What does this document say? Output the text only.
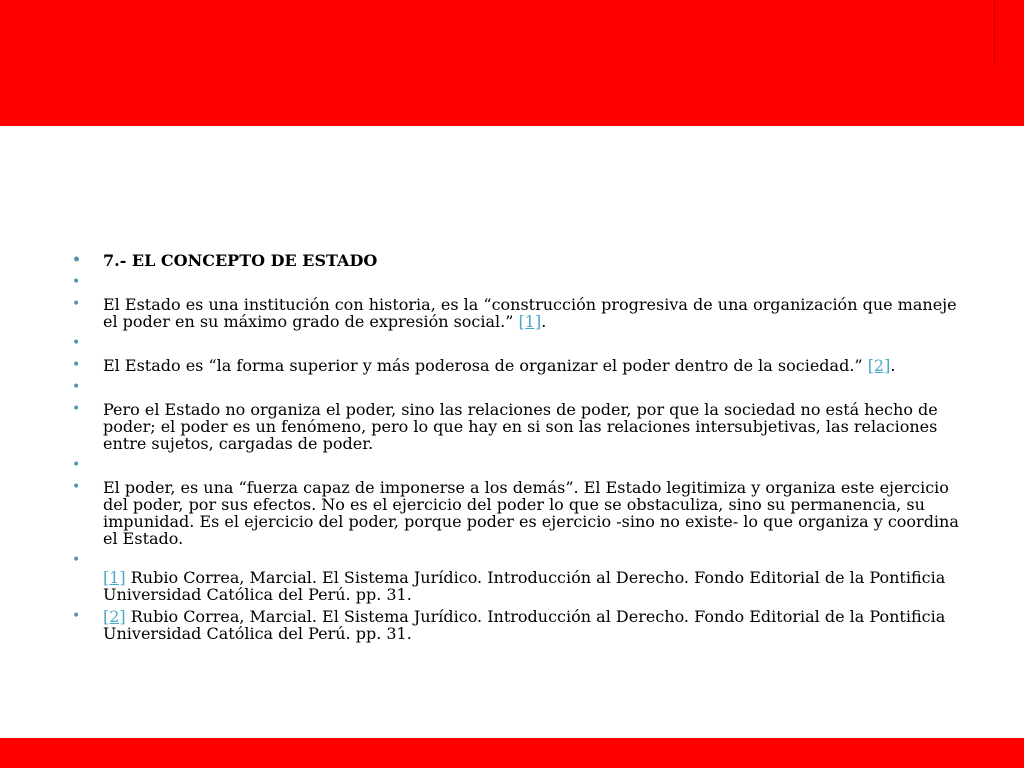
• 7.- EL CONCEPTO DE ESTADO
•
• El Estado es una institución con historia, es la “construcción progresiva de una organización que maneje el poder en su máximo grado de expresión social.” [1].
•
• El Estado es “la forma superior y más poderosa de organizar el poder dentro de la sociedad.” [2].
•
• Pero el Estado no organiza el poder, sino las relaciones de poder, por que la sociedad no está hecho de poder; el poder es un fenómeno, pero lo que hay en si son las relaciones intersubjetivas, las relaciones entre sujetos, cargadas de poder.
•
• El poder, es una “fuerza capaz de imponerse a los demás”. El Estado legitimiza y organiza este ejercicio del poder, por sus efectos. No es el ejercicio del poder lo que se obstaculiza, sino su permanencia, su impunidad. Es el ejercicio del poder, porque poder es ejercicio -sino no existe- lo que organiza y coordina el Estado.
•

[1] Rubio Correa, Marcial. El Sistema Jurídico. Introducción al Derecho. Fondo Editorial de la Pontificia Universidad Católica del Perú. pp. 31.
• [2] Rubio Correa, Marcial. El Sistema Jurídico. Introducción al Derecho. Fondo Editorial de la Pontificia Universidad Católica del Perú. pp. 31.
